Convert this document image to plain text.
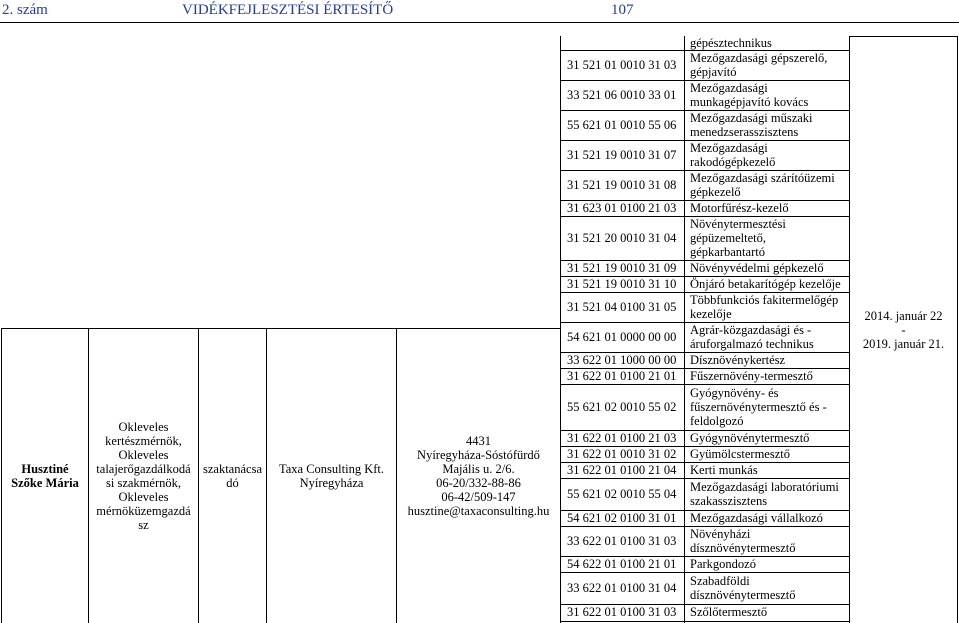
2. szám	VIDÉKFEJLESZTÉSI ÉRTESÍTŐ	107
Husztiné
Szőke Mária
Okleveles
kertészmérnök,
Okleveles
talajerőgazdálkodá
si szakmérnök,
Okleveles
mérnöküzemgazdá
sz
szaktanácsa
dó
Taxa Consulting Kft.
Nyíregyháza
4431
Nyíregyháza-Sóstófürdő
Majális u. 2/6.
06-20/332-88-86
06-42/509-147
husztine@taxaconsulting.hu
2014. január 22
-
2019. január 21.
gépésztechnikus
31 521 01 0010 31 03 Mezőgazdasági gépszerelő,
gépjavító
33 521 06 0010 33 01 Mezőgazdasági
munkagépjavító kovács
55 621 01 0010 55 06 Mezőgazdasági műszaki
menedzserasszisztens
31 521 19 0010 31 07 Mezőgazdasági
rakodógépkezelő
31 521 19 0010 31 08 Mezőgazdasági szárítóüzemi
gépkezelő
31 623 01 0100 21 03 Motorfűrész-kezelő
31 521 20 0010 31 04
Növénytermesztési
gépüzemeltető,
gépkarbantartó
31 521 19 0010 31 09 Növényvédelmi gépkezelő
31 521 19 0010 31 10 Önjáró betakarítógép kezelője
31 521 04 0100 31 05 Többfunkciós fakitermelőgép
kezelője
54 621 01 0000 00 00 Agrár-közgazdasági és -
áruforgalmazó technikus
33 622 01 1000 00 00 Dísznövénykertész
31 622 01 0100 21 01 Fűszernövény-termesztő
55 621 02 0010 55 02
Gyógynövény- és
fűszernövénytermesztő és -
feldolgozó
31 622 01 0100 21 03 Gyógynövénytermesztő
31 622 01 0010 31 02 Gyümölcstermesztő
31 622 01 0100 21 04 Kerti munkás
55 621 02 0010 55 04 Mezőgazdasági laboratóriumi
szakasszisztens
54 621 02 0100 31 01 Mezőgazdasági vállalkozó
33 622 01 0100 31 03 Növényházi
dísznövénytermesztő
54 622 01 0100 21 01 Parkgondozó
33 622 01 0100 31 04 Szabadföldi
dísznövénytermesztő
31 622 01 0100 31 03 Szőlőtermesztő
